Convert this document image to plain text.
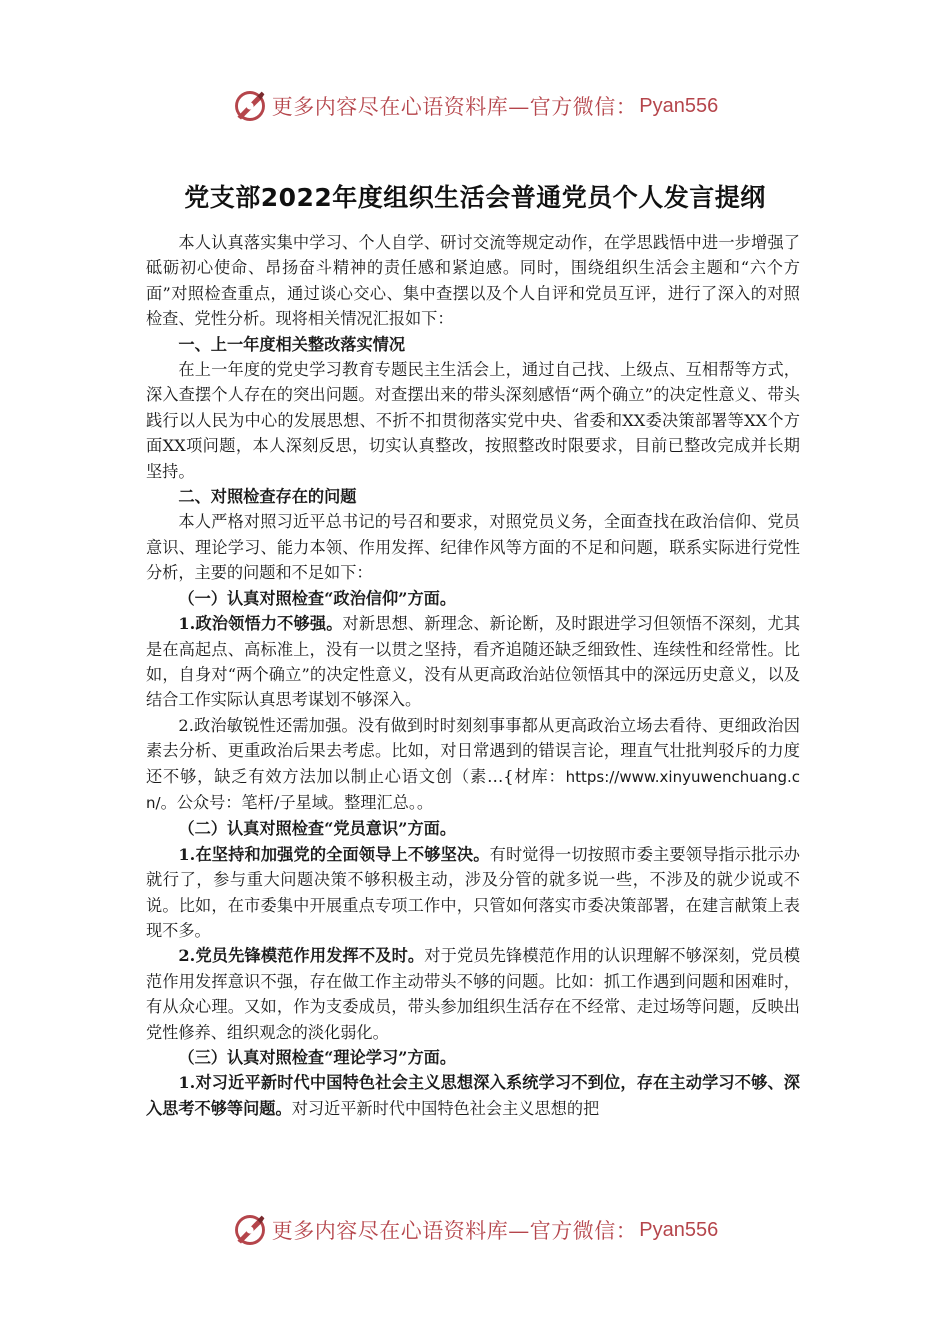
更多内容尽在心语资料库—官方微信： Pyan556
党支部2022年度组织生活会普通党员个人发言提纲

本人认真落实集中学习、个人自学、研讨交流等规定动作，在学思践悟中进一步增强了砥砺初心使命、昂扬奋斗精神的责任感和紧迫感。同时，围绕组织生活会主题和“六个方面”对照检查重点，通过谈心交心、集中查摆以及个人自评和党员互评，进行了深入的对照检查、党性分析。现将相关情况汇报如下：

一、上一年度相关整改落实情况

在上一年度的党史学习教育专题民主生活会上，通过自己找、上级点、互相帮等方式，深入查摆个人存在的突出问题。对查摆出来的带头深刻感悟“两个确立”的决定性意义、带头践行以人民为中心的发展思想、不折不扣贯彻落实党中央、省委和XX委决策部署等XX个方面XX项问题，本人深刻反思，切实认真整改，按照整改时限要求，目前已整改完成并长期坚持。

二、对照检查存在的问题

本人严格对照习近平总书记的号召和要求，对照党员义务，全面查找在政治信仰、党员意识、理论学习、能力本领、作用发挥、纪律作风等方面的不足和问题，联系实际进行党性分析，主要的问题和不足如下：

（一）认真对照检查“政治信仰”方面。

1.政治领悟力不够强。对新思想、新理念、新论断，及时跟进学习但领悟不深刻，尤其是在高起点、高标准上，没有一以贯之坚持，看齐追随还缺乏细致性、连续性和经常性。比如，自身对“两个确立”的决定性意义，没有从更高政治站位领悟其中的深远历史意义，以及结合工作实际认真思考谋划不够深入。

2.政治敏锐性还需加强。没有做到时时刻刻事事都从更高政治立场去看待、更细政治因素去分析、更重政治后果去考虑。比如，对日常遇到的错误言论，理直气壮批判驳斥的力度还不够，缺乏有效方法加以制止心语文创（素…{材库：https://www.xinyuwenchuang.cn/。公众号：笔杆/子星域。整理汇总。。

（二）认真对照检查“党员意识”方面。

1.在坚持和加强党的全面领导上不够坚决。有时觉得一切按照市委主要领导指示批示办就行了，参与重大问题决策不够积极主动，涉及分管的就多说一些，不涉及的就少说或不说。比如，在市委集中开展重点专项工作中，只管如何落实市委决策部署，在建言献策上表现不多。

2.党员先锋模范作用发挥不及时。对于党员先锋模范作用的认识理解不够深刻，党员模范作用发挥意识不强，存在做工作主动带头不够的问题。比如：抓工作遇到问题和困难时，有从众心理。又如，作为支委成员，带头参加组织生活存在不经常、走过场等问题，反映出党性修养、组织观念的淡化弱化。

（三）认真对照检查“理论学习”方面。

1.对习近平新时代中国特色社会主义思想深入系统学习不到位，存在主动学习不够、深入思考不够等问题。对习近平新时代中国特色社会主义思想的把

更多内容尽在心语资料库—官方微信： Pyan556
